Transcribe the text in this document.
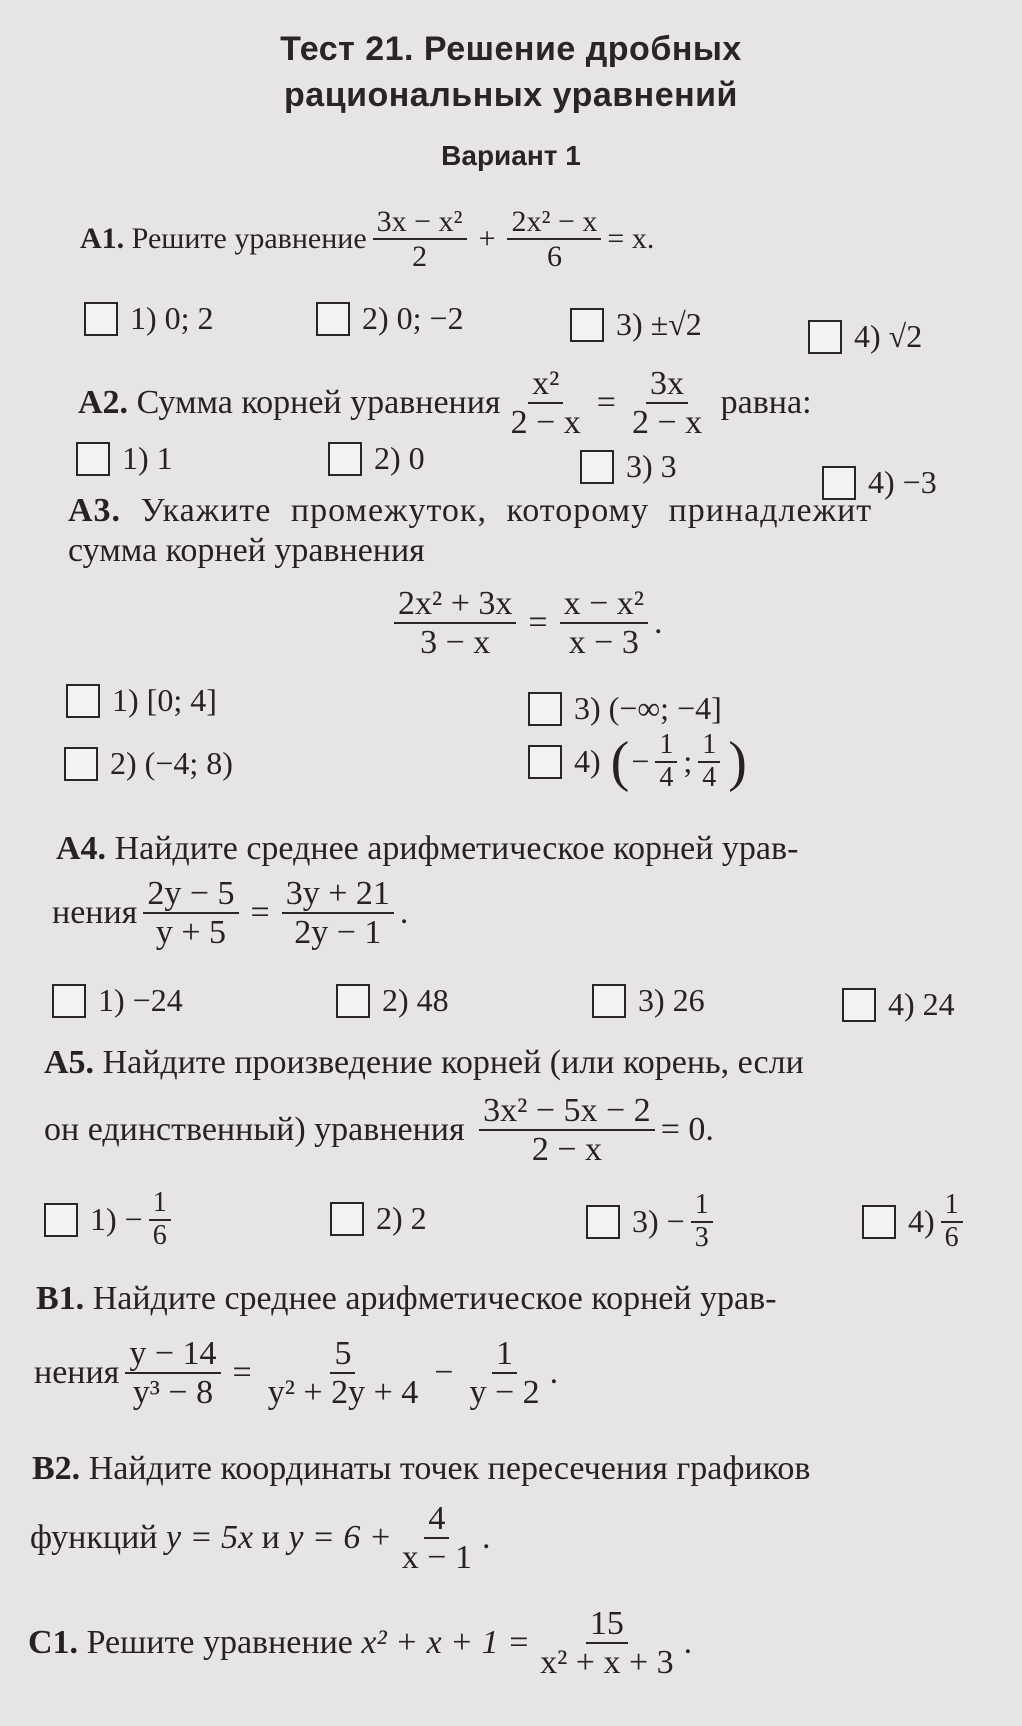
Тест 21. Решение дробных
рациональных уравнений
Вариант 1
А1.
Решите уравнение $\frac{\text{3x − x²}}{2} + \frac{\text{2x² − x}}{6} = x$.
1) 0; 2	2) 0; −2	3) ±√2	4) √2
А2.
Сумма корней уравнения $\frac{\text{x²}}{2 - x} = \frac{3x}{2 - x}$
равна:
1) 1	2) 0	3) 3	4) −3
А3.
Укажите промежуток, которому принадлежит
сумма корней уравнения
$\frac{\text{2x² + 3x}}{3 - x} = \frac{\text{x − x²}}{x - 3}$ .
1) [0; 4]
2) (−4; 8)
3) (−∞; −4]
4)
( − $\frac{1}{4}$ ; $\frac{1}{4}$ )
А4.
Найдите среднее арифметическое корней урав-
нения $\frac{2y - 5}{y + 5} = \frac{3y + 21}{2y - 1}$ .
1) −24	2) 48	3) 26	4) 24
А5.
Найдите произведение корней (или корень, если
он единственный) уравнения
$\frac{\text{3x² − 5x − 2}}{2 - x} = 0$.
$1) - \frac{1}{6}$	2) 2	$3) - \frac{1}{3}$	$4) \frac{1}{6}$
В1.
Найдите среднее арифметическое корней урав-
нения $\frac{y - 14}{\text{y³ − 8}} = \frac{5}{\text{y² + 2y + 4}} - \frac{1}{y - 2}$ .
В2.
Найдите координаты точек пересечения графиков
функций
y = 5x
и
$y = 6 + \frac{4}{x - 1}$ .
С1.
Решите уравнение
$x^2 + x + 1 = \frac{15}{\text{x² + x + 3}}$ .
